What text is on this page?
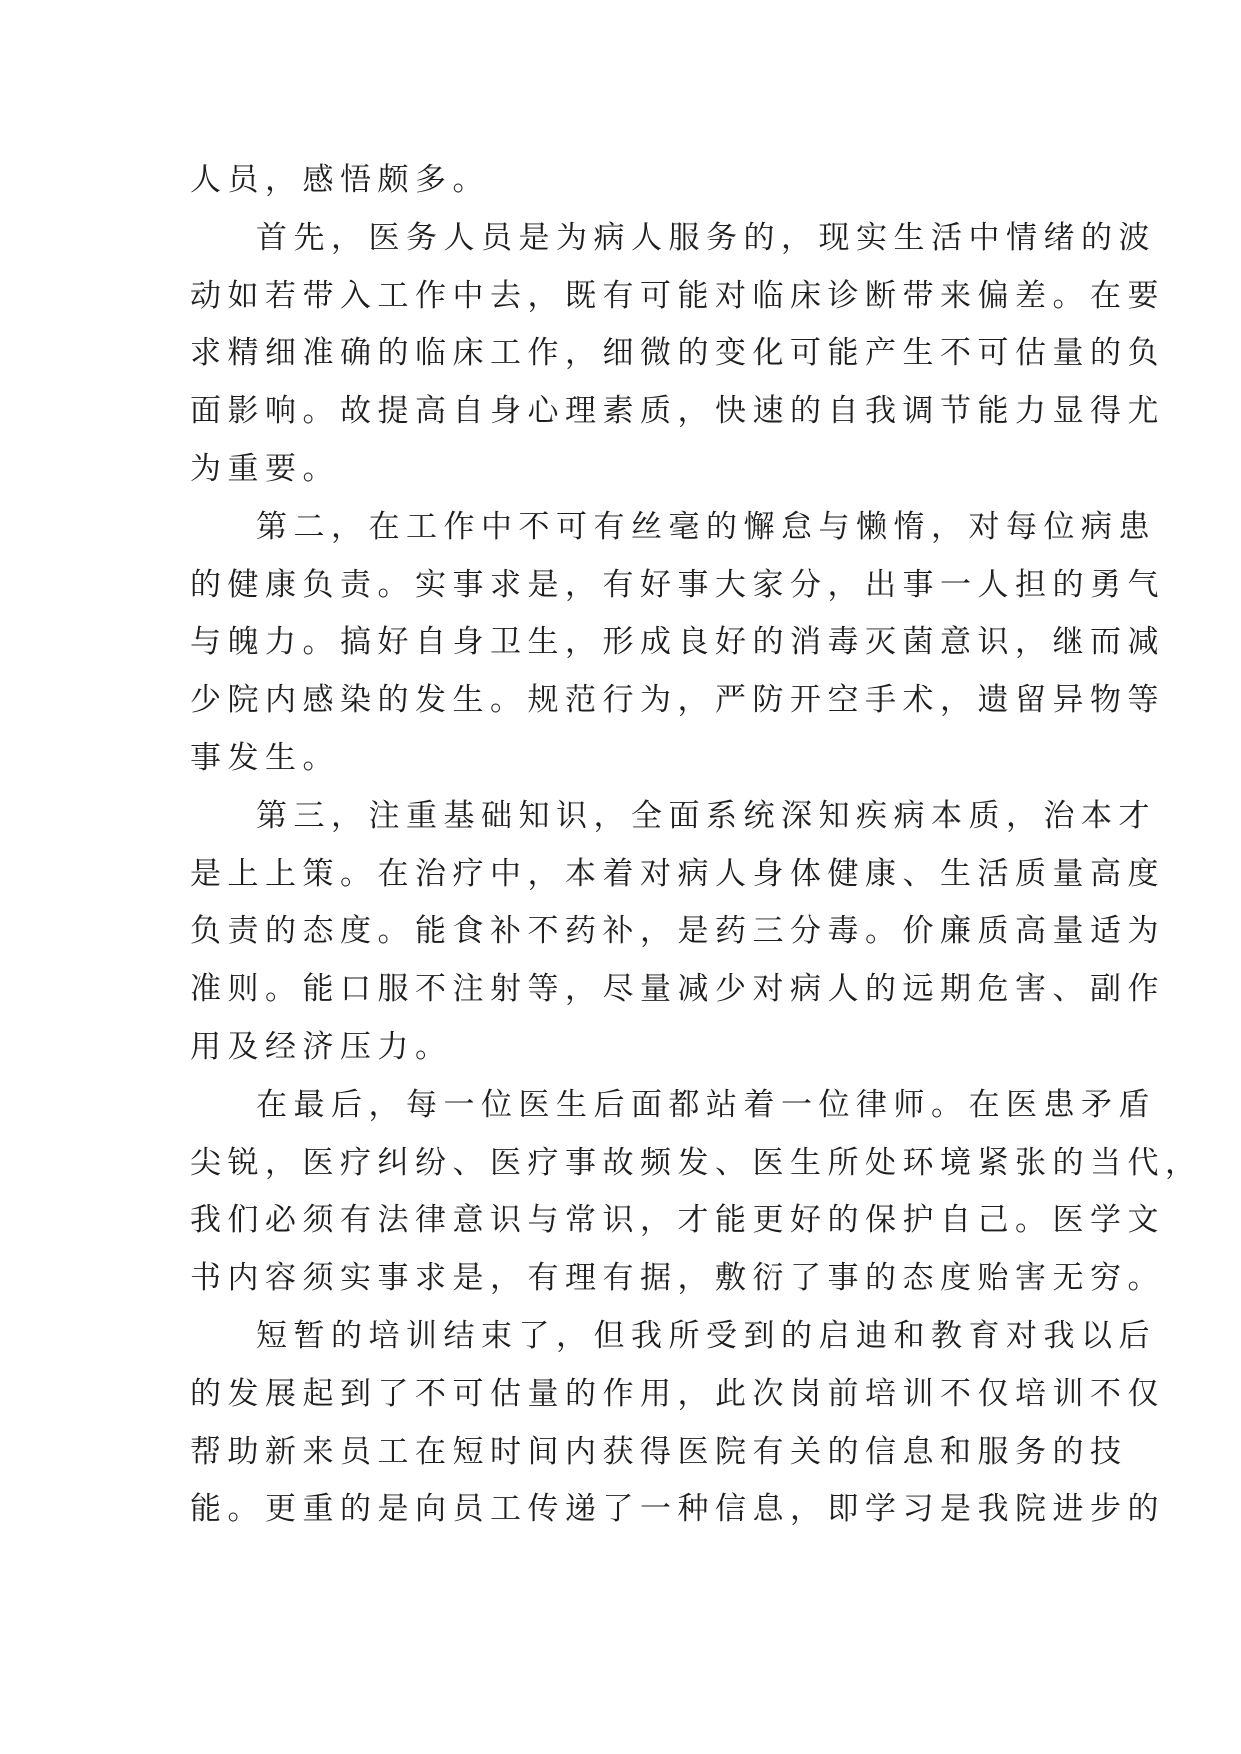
人员，感悟颇多。
首先，医务人员是为病人服务的，现实生活中情绪的波
动如若带入工作中去，既有可能对临床诊断带来偏差。在要
求精细准确的临床工作，细微的变化可能产生不可估量的负
面影响。故提高自身心理素质，快速的自我调节能力显得尤
为重要。
第二，在工作中不可有丝毫的懈怠与懒惰，对每位病患
的健康负责。实事求是，有好事大家分，出事一人担的勇气
与魄力。搞好自身卫生，形成良好的消毒灭菌意识，继而减
少院内感染的发生。规范行为，严防开空手术，遗留异物等
事发生。
第三，注重基础知识，全面系统深知疾病本质，治本才
是上上策。在治疗中，本着对病人身体健康、生活质量高度
负责的态度。能食补不药补，是药三分毒。价廉质高量适为
准则。能口服不注射等，尽量减少对病人的远期危害、副作
用及经济压力。
在最后，每一位医生后面都站着一位律师。在医患矛盾
尖锐，医疗纠纷、医疗事故频发、医生所处环境紧张的当代，
我们必须有法律意识与常识，才能更好的保护自己。医学文
书内容须实事求是，有理有据，敷衍了事的态度贻害无穷。
短暂的培训结束了，但我所受到的启迪和教育对我以后
的发展起到了不可估量的作用，此次岗前培训不仅培训不仅
帮助新来员工在短时间内获得医院有关的信息和服务的技
能。更重的是向员工传递了一种信息，即学习是我院进步的
